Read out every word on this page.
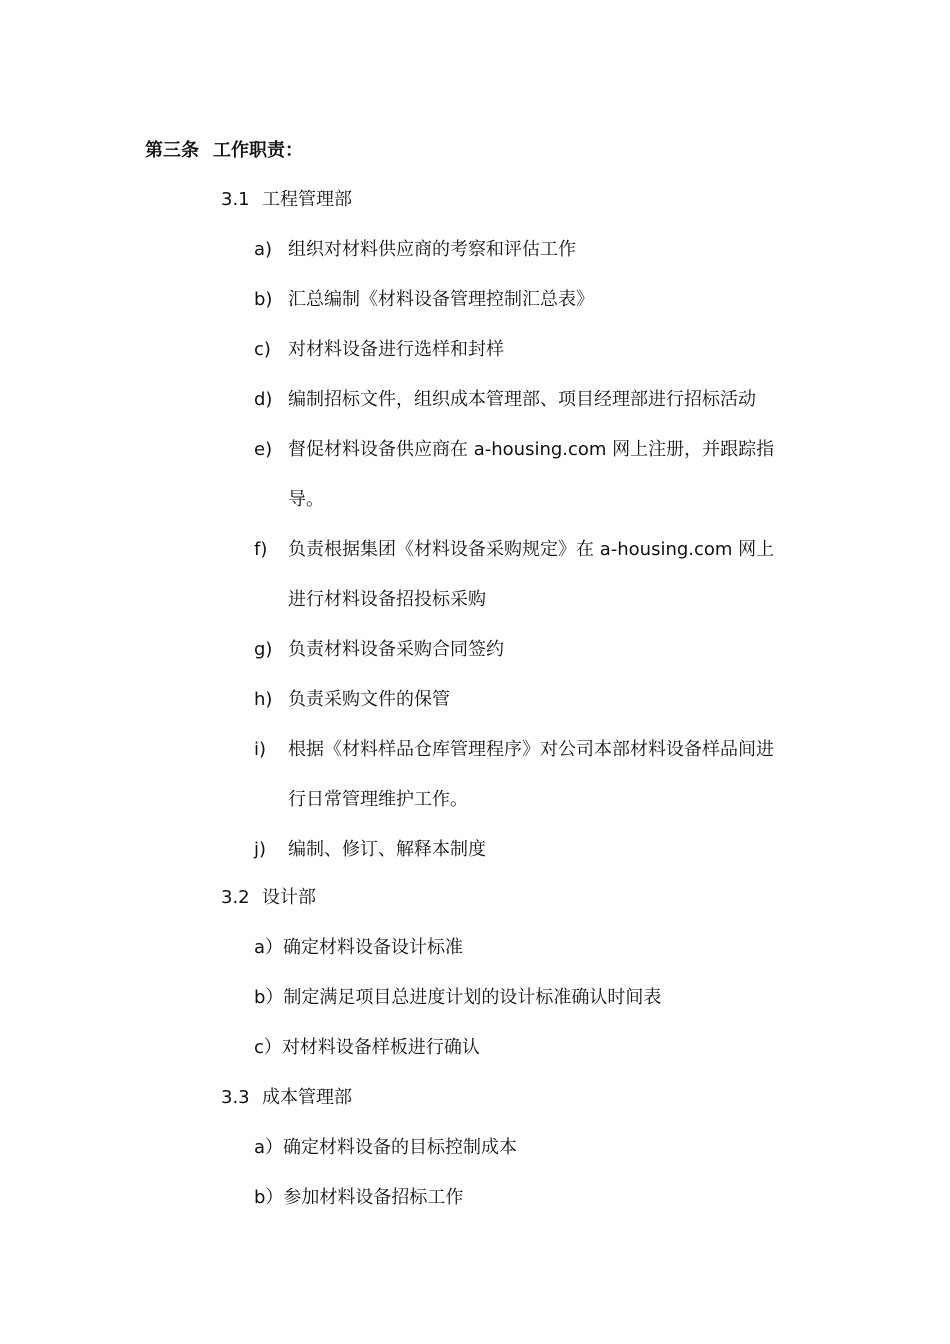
第三条 工作职责：
3.1 工程管理部
a) 组织对材料供应商的考察和评估工作
b) 汇总编制《材料设备管理控制汇总表》
c) 对材料设备进行选样和封样
d) 编制招标文件，组织成本管理部、项目经理部进行招标活动
e) 督促材料设备供应商在 a-housing.com 网上注册，并跟踪指
导。
f) 负责根据集团《材料设备采购规定》在 a-housing.com 网上
进行材料设备招投标采购
g) 负责材料设备采购合同签约
h) 负责采购文件的保管
i) 根据《材料样品仓库管理程序》对公司本部材料设备样品间进
行日常管理维护工作。
j) 编制、修订、解释本制度
3.2 设计部
a）确定材料设备设计标准
b）制定满足项目总进度计划的设计标准确认时间表
c）对材料设备样板进行确认
3.3 成本管理部
a）确定材料设备的目标控制成本
b）参加材料设备招标工作
